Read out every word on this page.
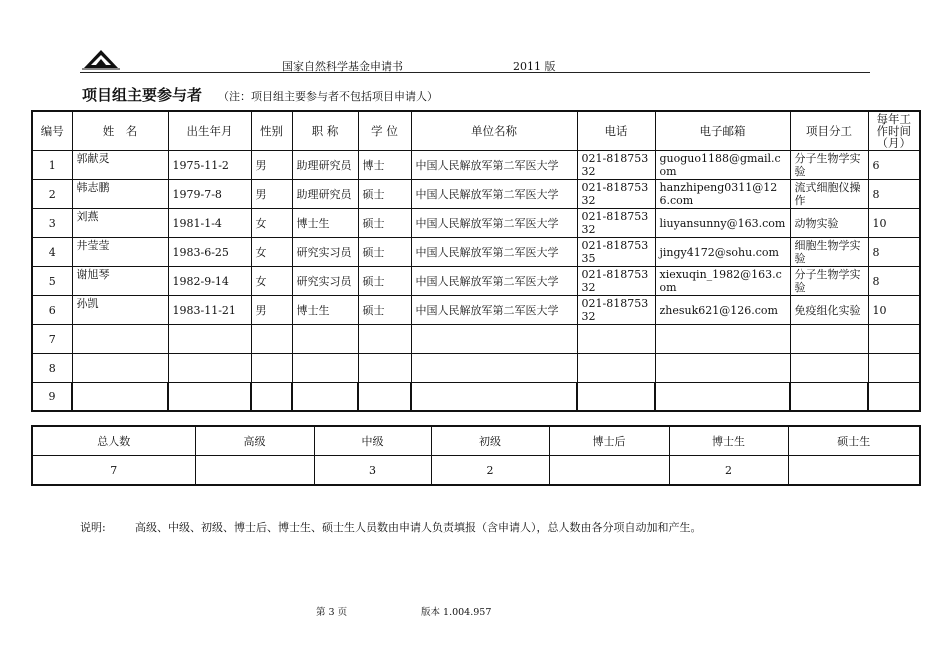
国家自然科学基金申请书	2011 版
项目组主要参与者 （注：项目组主要参与者不包括项目申请人）
编号	姓　名	出生年月	性别	职 称	学 位	单位名称	电话	电子邮箱	项目分工	每年工作时间（月）
1	郭献灵	1975-11-2	男	助理研究员	博士	中国人民解放军第二军医大学	021-81875332	guoguo1188@gmail.com	分子生物学实验	6
2	韩志鹏	1979-7-8	男	助理研究员	硕士	中国人民解放军第二军医大学	021-81875332	hanzhipeng0311@126.com	流式细胞仪操作	8
3	刘燕	1981-1-4	女	博士生	硕士	中国人民解放军第二军医大学	021-81875332	liuyansunny@163.com	动物实验	10
4	井莹莹	1983-6-25	女	研究实习员	硕士	中国人民解放军第二军医大学	021-81875335	jingy4172@sohu.com	细胞生物学实验	8
5	谢旭琴	1982-9-14	女	研究实习员	硕士	中国人民解放军第二军医大学	021-81875332	xiexuqin_1982@163.com	分子生物学实验	8
6	孙凯	1983-11-21	男	博士生	硕士	中国人民解放军第二军医大学	021-81875332	zhesuk621@126.com	免疫组化实验	10
7										
8										
9										
总人数	高级	中级	初级	博士后	博士生	硕士生
7		3	2		2	
说明:	高级、中级、初级、博士后、博士生、硕士生人员数由申请人负责填报（含申请人），总人数由各分项自动加和产生。
第 3 页	版本 1.004.957
